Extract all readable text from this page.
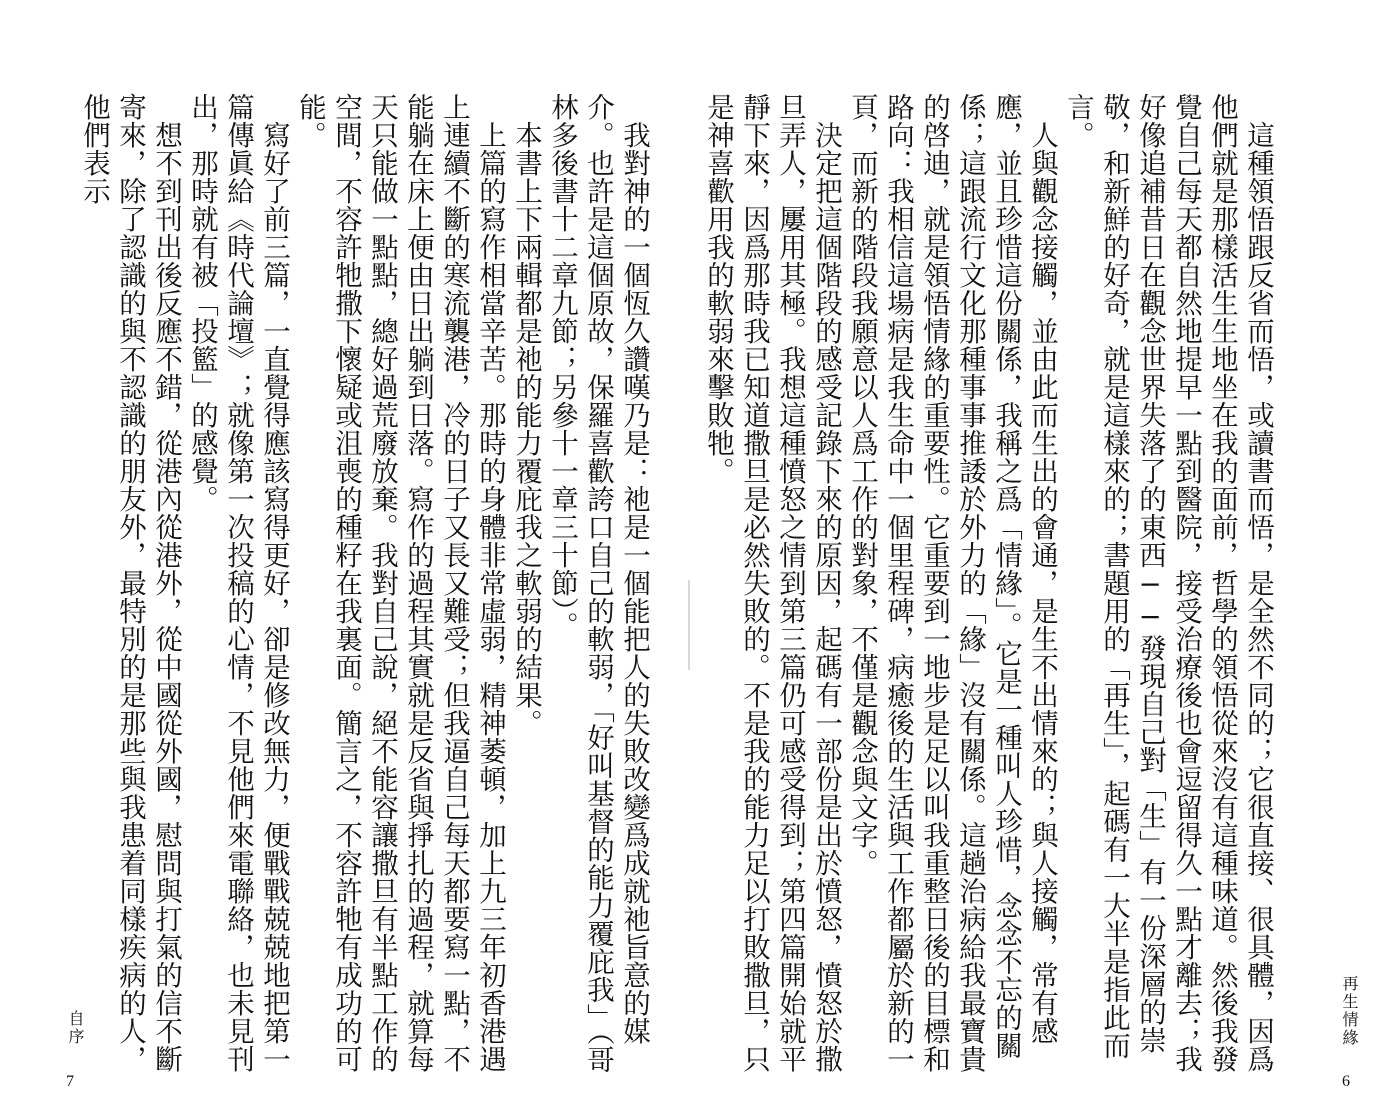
我對神的一個恆久讚嘆乃是：祂是一個能把人的失敗改變爲成就祂旨意的媒介。也許是這個原故，保羅喜歡誇口自己的軟弱，「好叫基督的能力覆庇我」（哥林多後書十二章九節；另參十一章三十節）。

本書上下兩輯都是祂的能力覆庇我之軟弱的結果。

上篇的寫作相當辛苦。那時的身體非常虛弱，精神萎頓，加上九三年初香港遇上連續不斷的寒流襲港，冷的日子又長又難受；但我逼自己每天都要寫一點，不能躺在床上便由日出躺到日落。寫作的過程其實就是反省與掙扎的過程，就算每天只能做一點點，總好過荒廢放棄。我對自己說，絕不能容讓撒旦有半點工作的空間，不容許牠撒下懷疑或沮喪的種籽在我裏面。簡言之，不容許牠有成功的可能。

寫好了前三篇，一直覺得應該寫得更好，卻是修改無力，便戰戰兢兢地把第一篇傳眞給《時代論壇》；就像第一次投稿的心情，不見他們來電聯絡，也未見刊出，那時就有被「投籃」的感覺。

想不到刊出後反應不錯，從港內從港外，從中國從外國，慰問與打氣的信不斷寄來，除了認識的與不認識的朋友外，最特別的是那些與我患着同樣疾病的人，他們表示

自序
7

這種領悟跟反省而悟，或讀書而悟，是全然不同的；它很直接、很具體，因爲他們就是那樣活生生地坐在我的面前，哲學的領悟從來沒有這種味道。然後我發覺自己每天都自然地提早一點到醫院，接受治療後也會逗留得久一點才離去；我好像追補昔日在觀念世界失落了的東西──發現自己對「生」有一份深層的崇敬，和新鮮的好奇，就是這樣來的；書題用的「再生」，起碼有一大半是指此而言。

人與觀念接觸，並由此而生出的會通，是生不出情來的；與人接觸，常有感應，並且珍惜這份關係，我稱之爲「情緣」。它是一種叫人珍惜，念念不忘的關係；這跟流行文化那種事事推諉於外力的「緣」沒有關係。這趟治病給我最寶貴的啓迪，就是領悟情緣的重要性。它重要到一地步是足以叫我重整日後的目標和路向：我相信這場病是我生命中一個里程碑，病癒後的生活與工作都屬於新的一頁，而新的階段我願意以人爲工作的對象，不僅是觀念與文字。

決定把這個階段的感受記錄下來的原因，起碼有一部份是出於憤怒，憤怒於撒旦弄人，屢用其極。我想這種憤怒之情到第三篇仍可感受得到；第四篇開始就平靜下來，因爲那時我已知道撒旦是必然失敗的。不是我的能力足以打敗撒旦，只是神喜歡用我的軟弱來擊敗牠。

再生情緣
6
